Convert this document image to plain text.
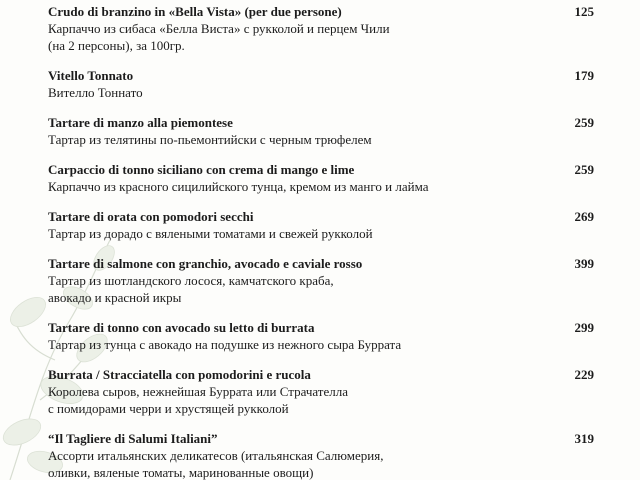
Crudo di branzino in «Bella Vista» (per due persone)
Карпаччо из сибаса «Белла Виста» с рукколой и перцем Чили
(на 2 персоны), за 100гр.
125
Vitello Tonnato
Вителло Тоннато
179
Tartare di manzo alla piemontese
Тартар из телятины по-пьемонтийски с черным трюфелем
259
Carpaccio di tonno siciliano con crema di mango e lime
Карпаччо из красного сицилийского тунца, кремом из манго и лайма
259
Tartare di orata con pomodori secchi
Тартар из дорадо с вялеными томатами и свежей рукколой
269
Tartare di salmone con granchio, avocado e caviale rosso
Тартар из шотландского лосося, камчатского краба,
авокадо и красной икры
399
Tartare di tonno con avocado su letto di burrata
Тартар из тунца с авокадо на подушке из нежного сыра Буррата
299
Burrata / Stracciatella con pomodorini e rucola
Королева сыров, нежнейшая Буррата или Страчателла
с помидорами черри и хрустящей рукколой
229
“Il Tagliere di Salumi Italiani”
Ассорти итальянских деликатесов (итальянская Салюмерия,
оливки, вяленые томаты, маринованные овощи)
319
